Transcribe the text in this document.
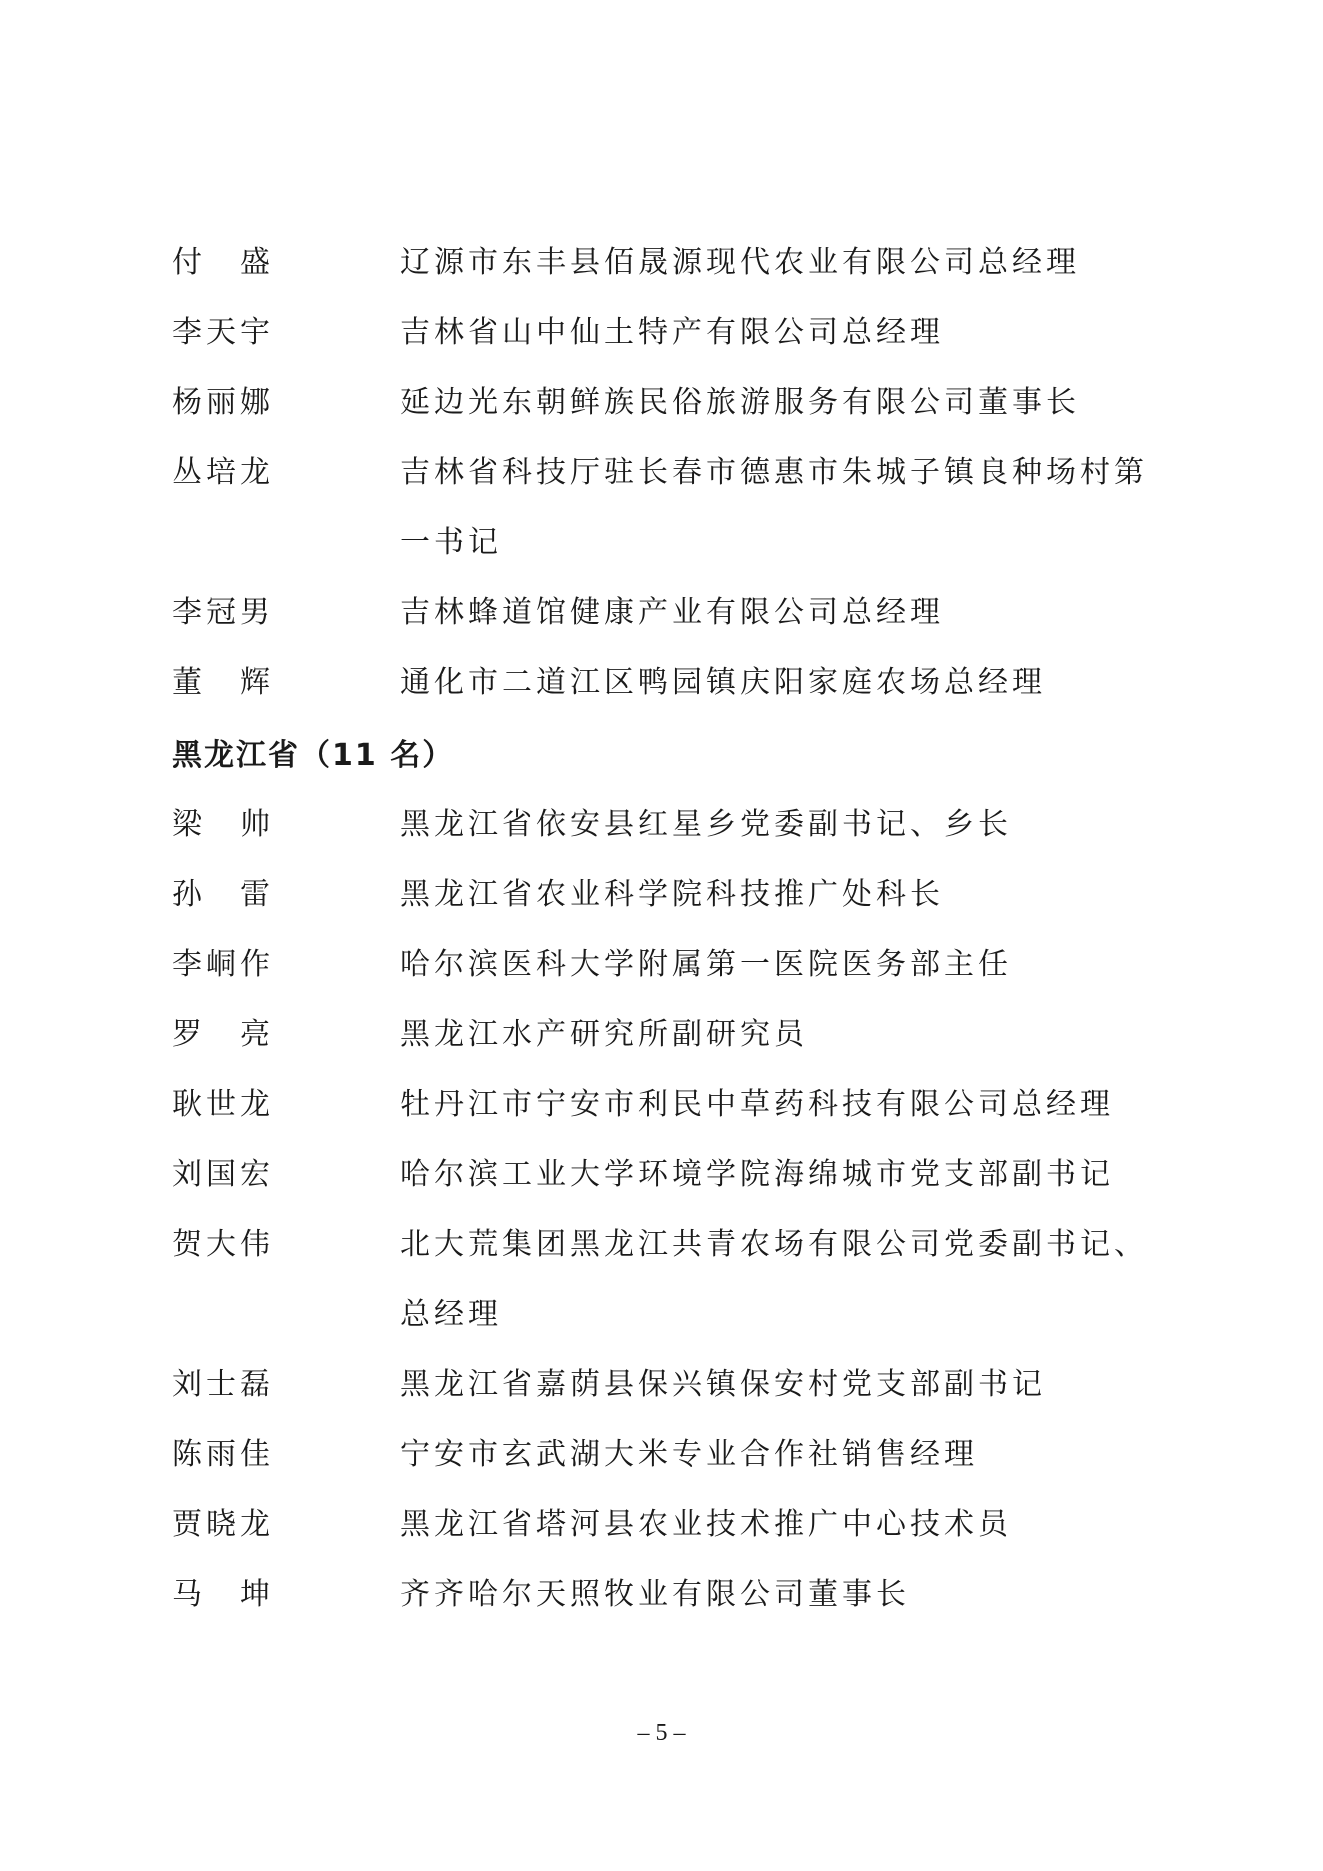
付　盛	辽源市东丰县佰晟源现代农业有限公司总经理
李天宇	吉林省山中仙土特产有限公司总经理
杨丽娜	延边光东朝鲜族民俗旅游服务有限公司董事长
丛培龙	吉林省科技厅驻长春市德惠市朱城子镇良种场村第一书记
李冠男	吉林蜂道馆健康产业有限公司总经理
董　辉	通化市二道江区鸭园镇庆阳家庭农场总经理
黑龙江省（11 名）
梁　帅	黑龙江省依安县红星乡党委副书记、乡长
孙　雷	黑龙江省农业科学院科技推广处科长
李峒作	哈尔滨医科大学附属第一医院医务部主任
罗　亮	黑龙江水产研究所副研究员
耿世龙	牡丹江市宁安市利民中草药科技有限公司总经理
刘国宏	哈尔滨工业大学环境学院海绵城市党支部副书记
贺大伟	北大荒集团黑龙江共青农场有限公司党委副书记、总经理
刘士磊	黑龙江省嘉荫县保兴镇保安村党支部副书记
陈雨佳	宁安市玄武湖大米专业合作社销售经理
贾晓龙	黑龙江省塔河县农业技术推广中心技术员
马　坤	齐齐哈尔天照牧业有限公司董事长
– 5 –
